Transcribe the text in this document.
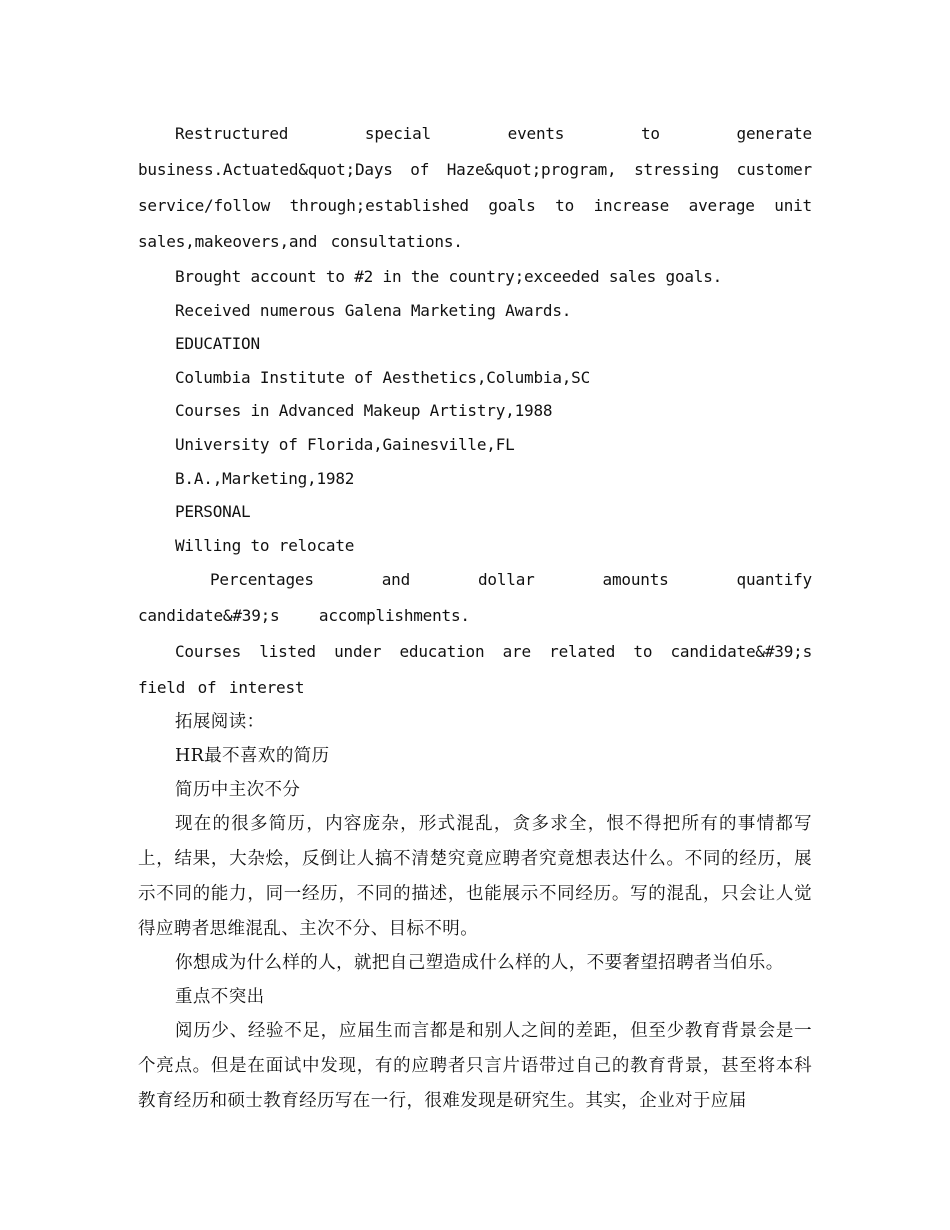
Restructured special events to generate business.Actuated&quot;Days of Haze&quot;program, stressing customer service/follow through;established goals to increase average unit sales,makeovers,and consultations.

Brought account to #2 in the country;exceeded sales goals.

Received numerous Galena Marketing Awards.

EDUCATION

Columbia Institute of Aesthetics,Columbia,SC

Courses in Advanced Makeup Artistry,1988

University of Florida,Gainesville,FL

B.A.,Marketing,1982

PERSONAL

Willing to relocate

Percentages and dollar amounts quantify candidate&#39;s accomplishments.

Courses listed under education are related to candidate&#39;s field of interest

拓展阅读：

HR最不喜欢的简历

简历中主次不分

现在的很多简历，内容庞杂，形式混乱，贪多求全，恨不得把所有的事情都写上，结果，大杂烩，反倒让人搞不清楚究竟应聘者究竟想表达什么。不同的经历，展示不同的能力，同一经历，不同的描述，也能展示不同经历。写的混乱，只会让人觉得应聘者思维混乱、主次不分、目标不明。

你想成为什么样的人，就把自己塑造成什么样的人，不要奢望招聘者当伯乐。

重点不突出

阅历少、经验不足，应届生而言都是和别人之间的差距，但至少教育背景会是一个亮点。但是在面试中发现，有的应聘者只言片语带过自己的教育背景，甚至将本科教育经历和硕士教育经历写在一行，很难发现是研究生。其实，企业对于应届
